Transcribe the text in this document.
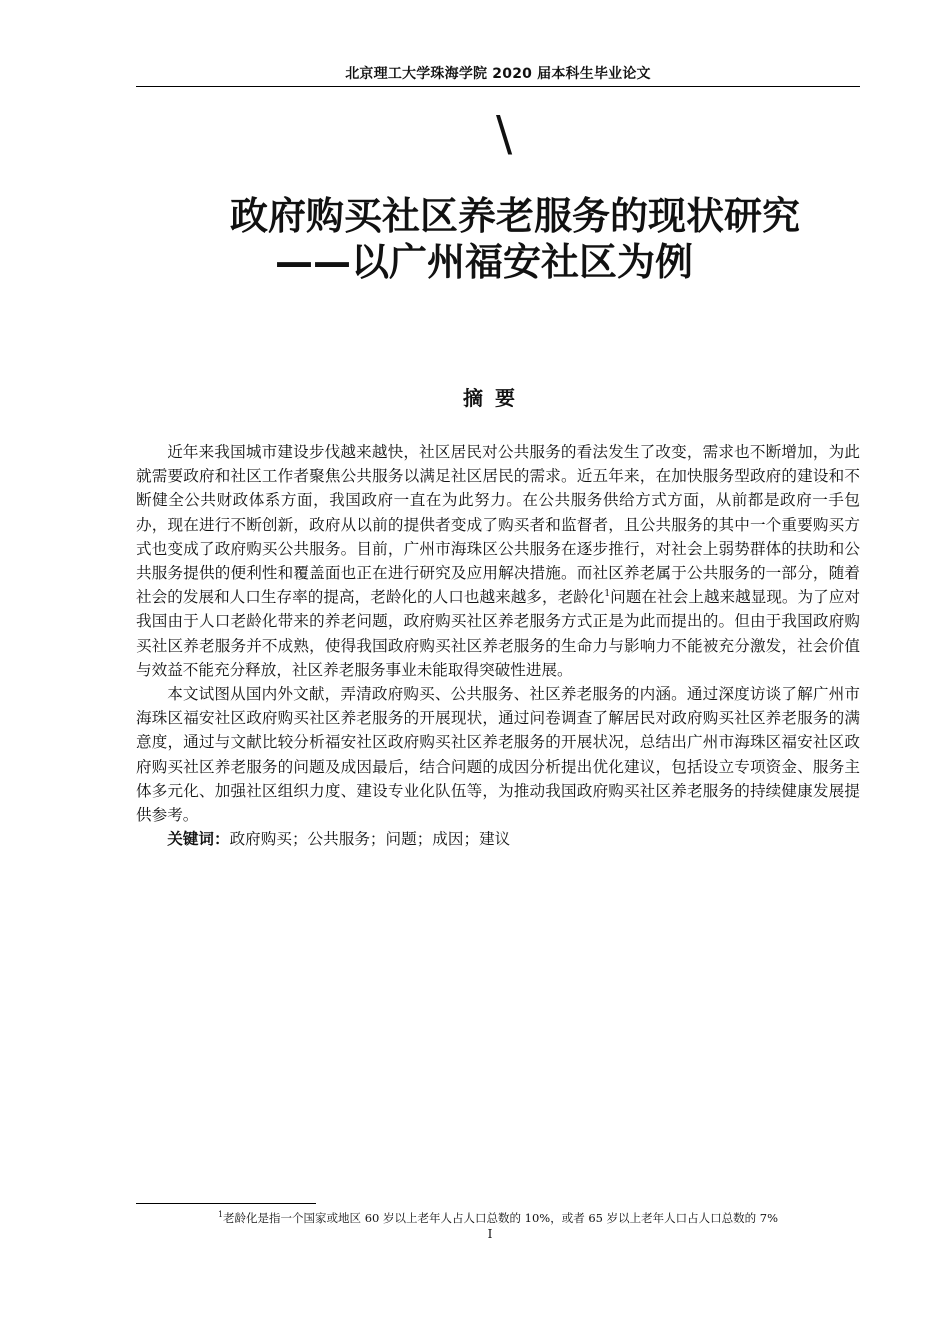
北京理工大学珠海学院 2020 届本科生毕业论文
\
政府购买社区养老服务的现状研究
——以广州福安社区为例
摘要

近年来我国城市建设步伐越来越快，社区居民对公共服务的看法发生了改变，需求也不断增加，为此就需要政府和社区工作者聚焦公共服务以满足社区居民的需求。近五年来，在加快服务型政府的建设和不断健全公共财政体系方面，我国政府一直在为此努力。在公共服务供给方式方面，从前都是政府一手包办，现在进行不断创新，政府从以前的提供者变成了购买者和监督者，且公共服务的其中一个重要购买方式也变成了政府购买公共服务。目前，广州市海珠区公共服务在逐步推行，对社会上弱势群体的扶助和公共服务提供的便利性和覆盖面也正在进行研究及应用解决措施。而社区养老属于公共服务的一部分，随着社会的发展和人口生存率的提高，老龄化的人口也越来越多，老龄化$^1$问题在社会上越来越显现。为了应对我国由于人口老龄化带来的养老问题，政府购买社区养老服务方式正是为此而提出的。但由于我国政府购买社区养老服务并不成熟，使得我国政府购买社区养老服务的生命力与影响力不能被充分激发，社会价值与效益不能充分释放，社区养老服务事业未能取得突破性进展。

本文试图从国内外文献，弄清政府购买、公共服务、社区养老服务的内涵。通过深度访谈了解广州市海珠区福安社区政府购买社区养老服务的开展现状，通过问卷调查了解居民对政府购买社区养老服务的满意度，通过与文献比较分析福安社区政府购买社区养老服务的开展状况，总结出广州市海珠区福安社区政府购买社区养老服务的问题及成因最后，结合问题的成因分析提出优化建议，包括设立专项资金、服务主体多元化、加强社区组织力度、建设专业化队伍等，为推动我国政府购买社区养老服务的持续健康发展提供参考。

关键词：政府购买；公共服务；问题；成因；建议

$^1$老龄化是指一个国家或地区 60 岁以上老年人占人口总数的 10%，或者 65 岁以上老年人口占人口总数的 7%
I
